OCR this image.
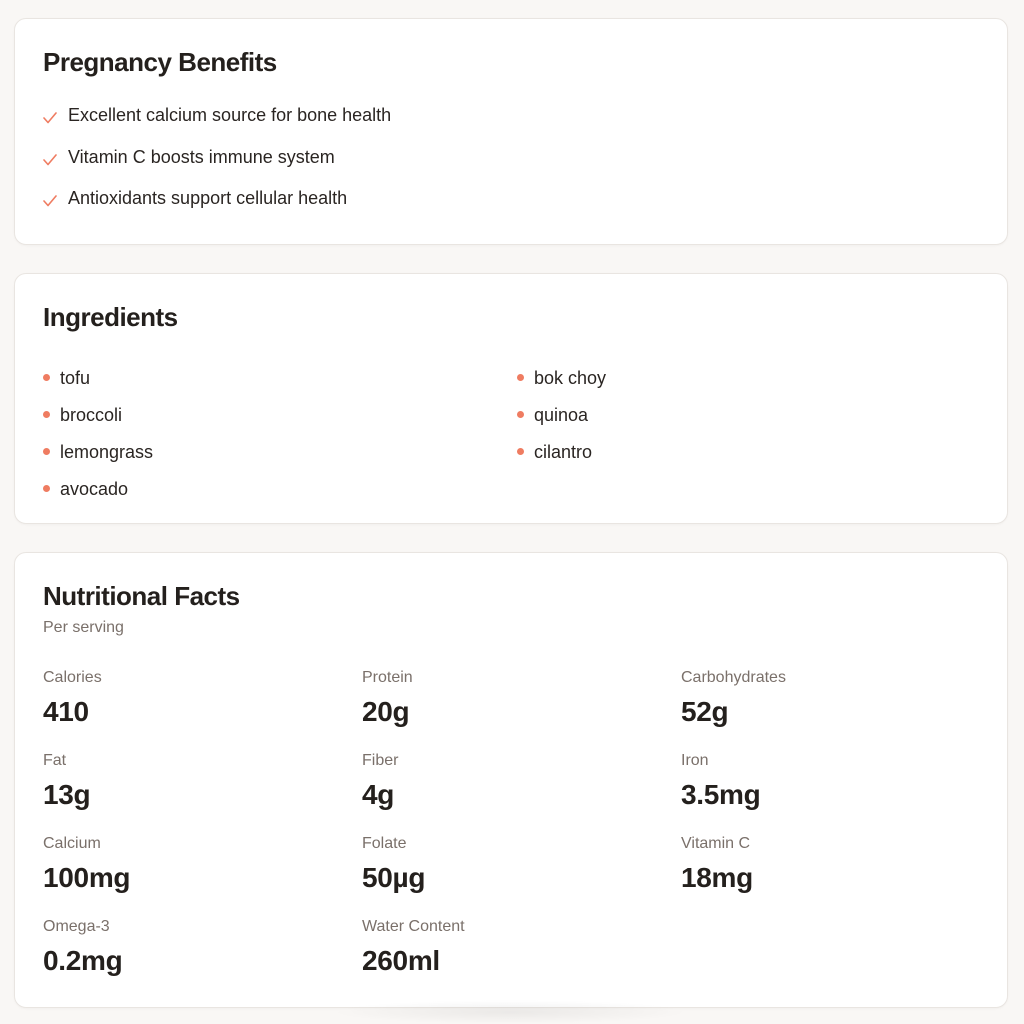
Pregnancy Benefits
Excellent calcium source for bone health
Vitamin C boosts immune system
Antioxidants support cellular health
Ingredients
tofu
broccoli
lemongrass
avocado
bok choy
quinoa
cilantro
Nutritional Facts
Per serving
Calories
410
Protein
20g
Carbohydrates
52g
Fat
13g
Fiber
4g
Iron
3.5mg
Calcium
100mg
Folate
50µg
Vitamin C
18mg
Omega-3
0.2mg
Water Content
260ml
